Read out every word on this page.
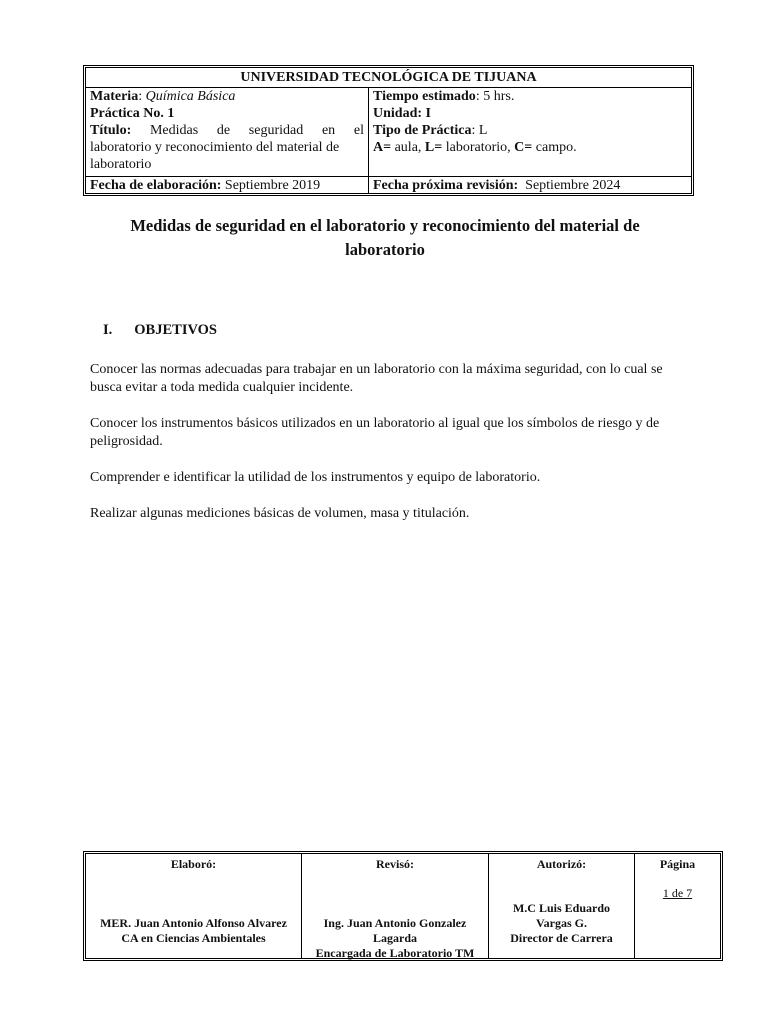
UNIVERSIDAD TECNOLÓGICA DE TIJUANA
Materia: Química Básica
Práctica No. 1
Título: Medidas de seguridad en el
laboratorio y reconocimiento del material de
laboratorio
Tiempo estimado: 5 hrs.
Unidad: I
Tipo de Práctica: L
A= aula, L= laboratorio, C= campo.
Fecha de elaboración: Septiembre 2019	Fecha próxima revisión:  Septiembre 2024
Medidas de seguridad en el laboratorio y reconocimiento del material de
laboratorio
I. OBJETIVOS
Conocer las normas adecuadas para trabajar en un laboratorio con la máxima seguridad, con lo cual se busca evitar a toda medida cualquier incidente.
Conocer los instrumentos básicos utilizados en un laboratorio al igual que los símbolos de riesgo y de peligrosidad.
Comprender e identificar la utilidad de los instrumentos y equipo de laboratorio.
Realizar algunas mediciones básicas de volumen, masa y titulación.
Elaboró:
MER. Juan Antonio Alfonso Alvarez
CA en Ciencias Ambientales
Revisó:
Ing. Juan Antonio Gonzalez
Lagarda
Encargada de Laboratorio TM
Autorizó:
M.C Luis Eduardo
Vargas G.
Director de Carrera
Página
1 de 7
